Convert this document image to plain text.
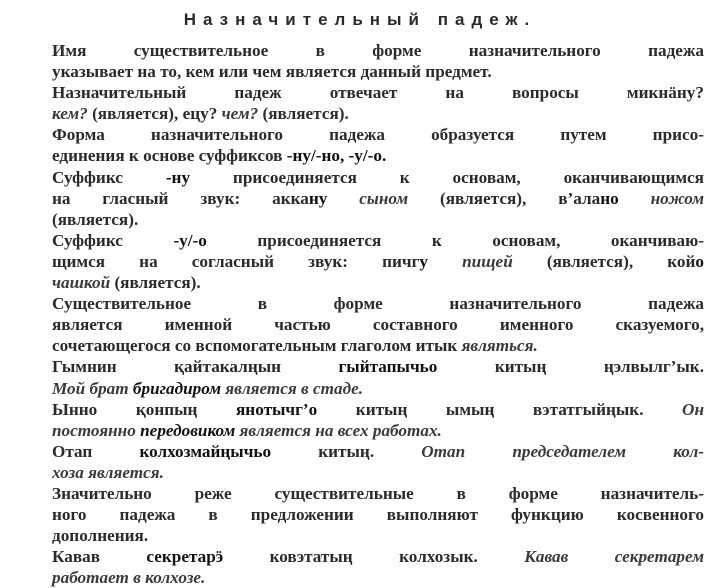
Назначительный падеж.

Имя существительное в форме назначительного падежа
указывает на то, кем или чем является данный предмет.

Назначительный падеж отвечает на вопросы микнäну?
кем? (является), ецу? чем? (является).

Форма назначительного падежа образуется путем присо-
единения к основе суффиксов -ну/-но, -у/-о.

Суффикс -ну присоединяется к основам, оканчивающимся
на гласный звук: аккану сыном (является), в’алано ножом
(является).

Суффикс -у/-о присоединяется к основам, оканчиваю-
щимся на согласный звук: пичгу пищей (является), койо
чашкой (является).

Существительное в форме назначительного падежа
является именной частью составного именного сказуемого,
сочетающегося со вспомогательным глаголом итык являться.

Гымнин қайтакалңын гыйтапычьо китың ңэлвылг’ык.
Мой брат бригадиром является в стаде.

Ынно қонпың янотычг’о китың ымың вэтатгыйңык. Он
постоянно передовиком является на всех работах.

Отап колхозмайңычьо китың. Отап председателем кол-
хоза является.

Значительно реже существительные в форме назначитель-
ного падежа в предложении выполняют функцию косвенного
дополнения.

Кавав секретарӭ ковэтатың колхозык. Кавав секретарем
работает в колхозе.
